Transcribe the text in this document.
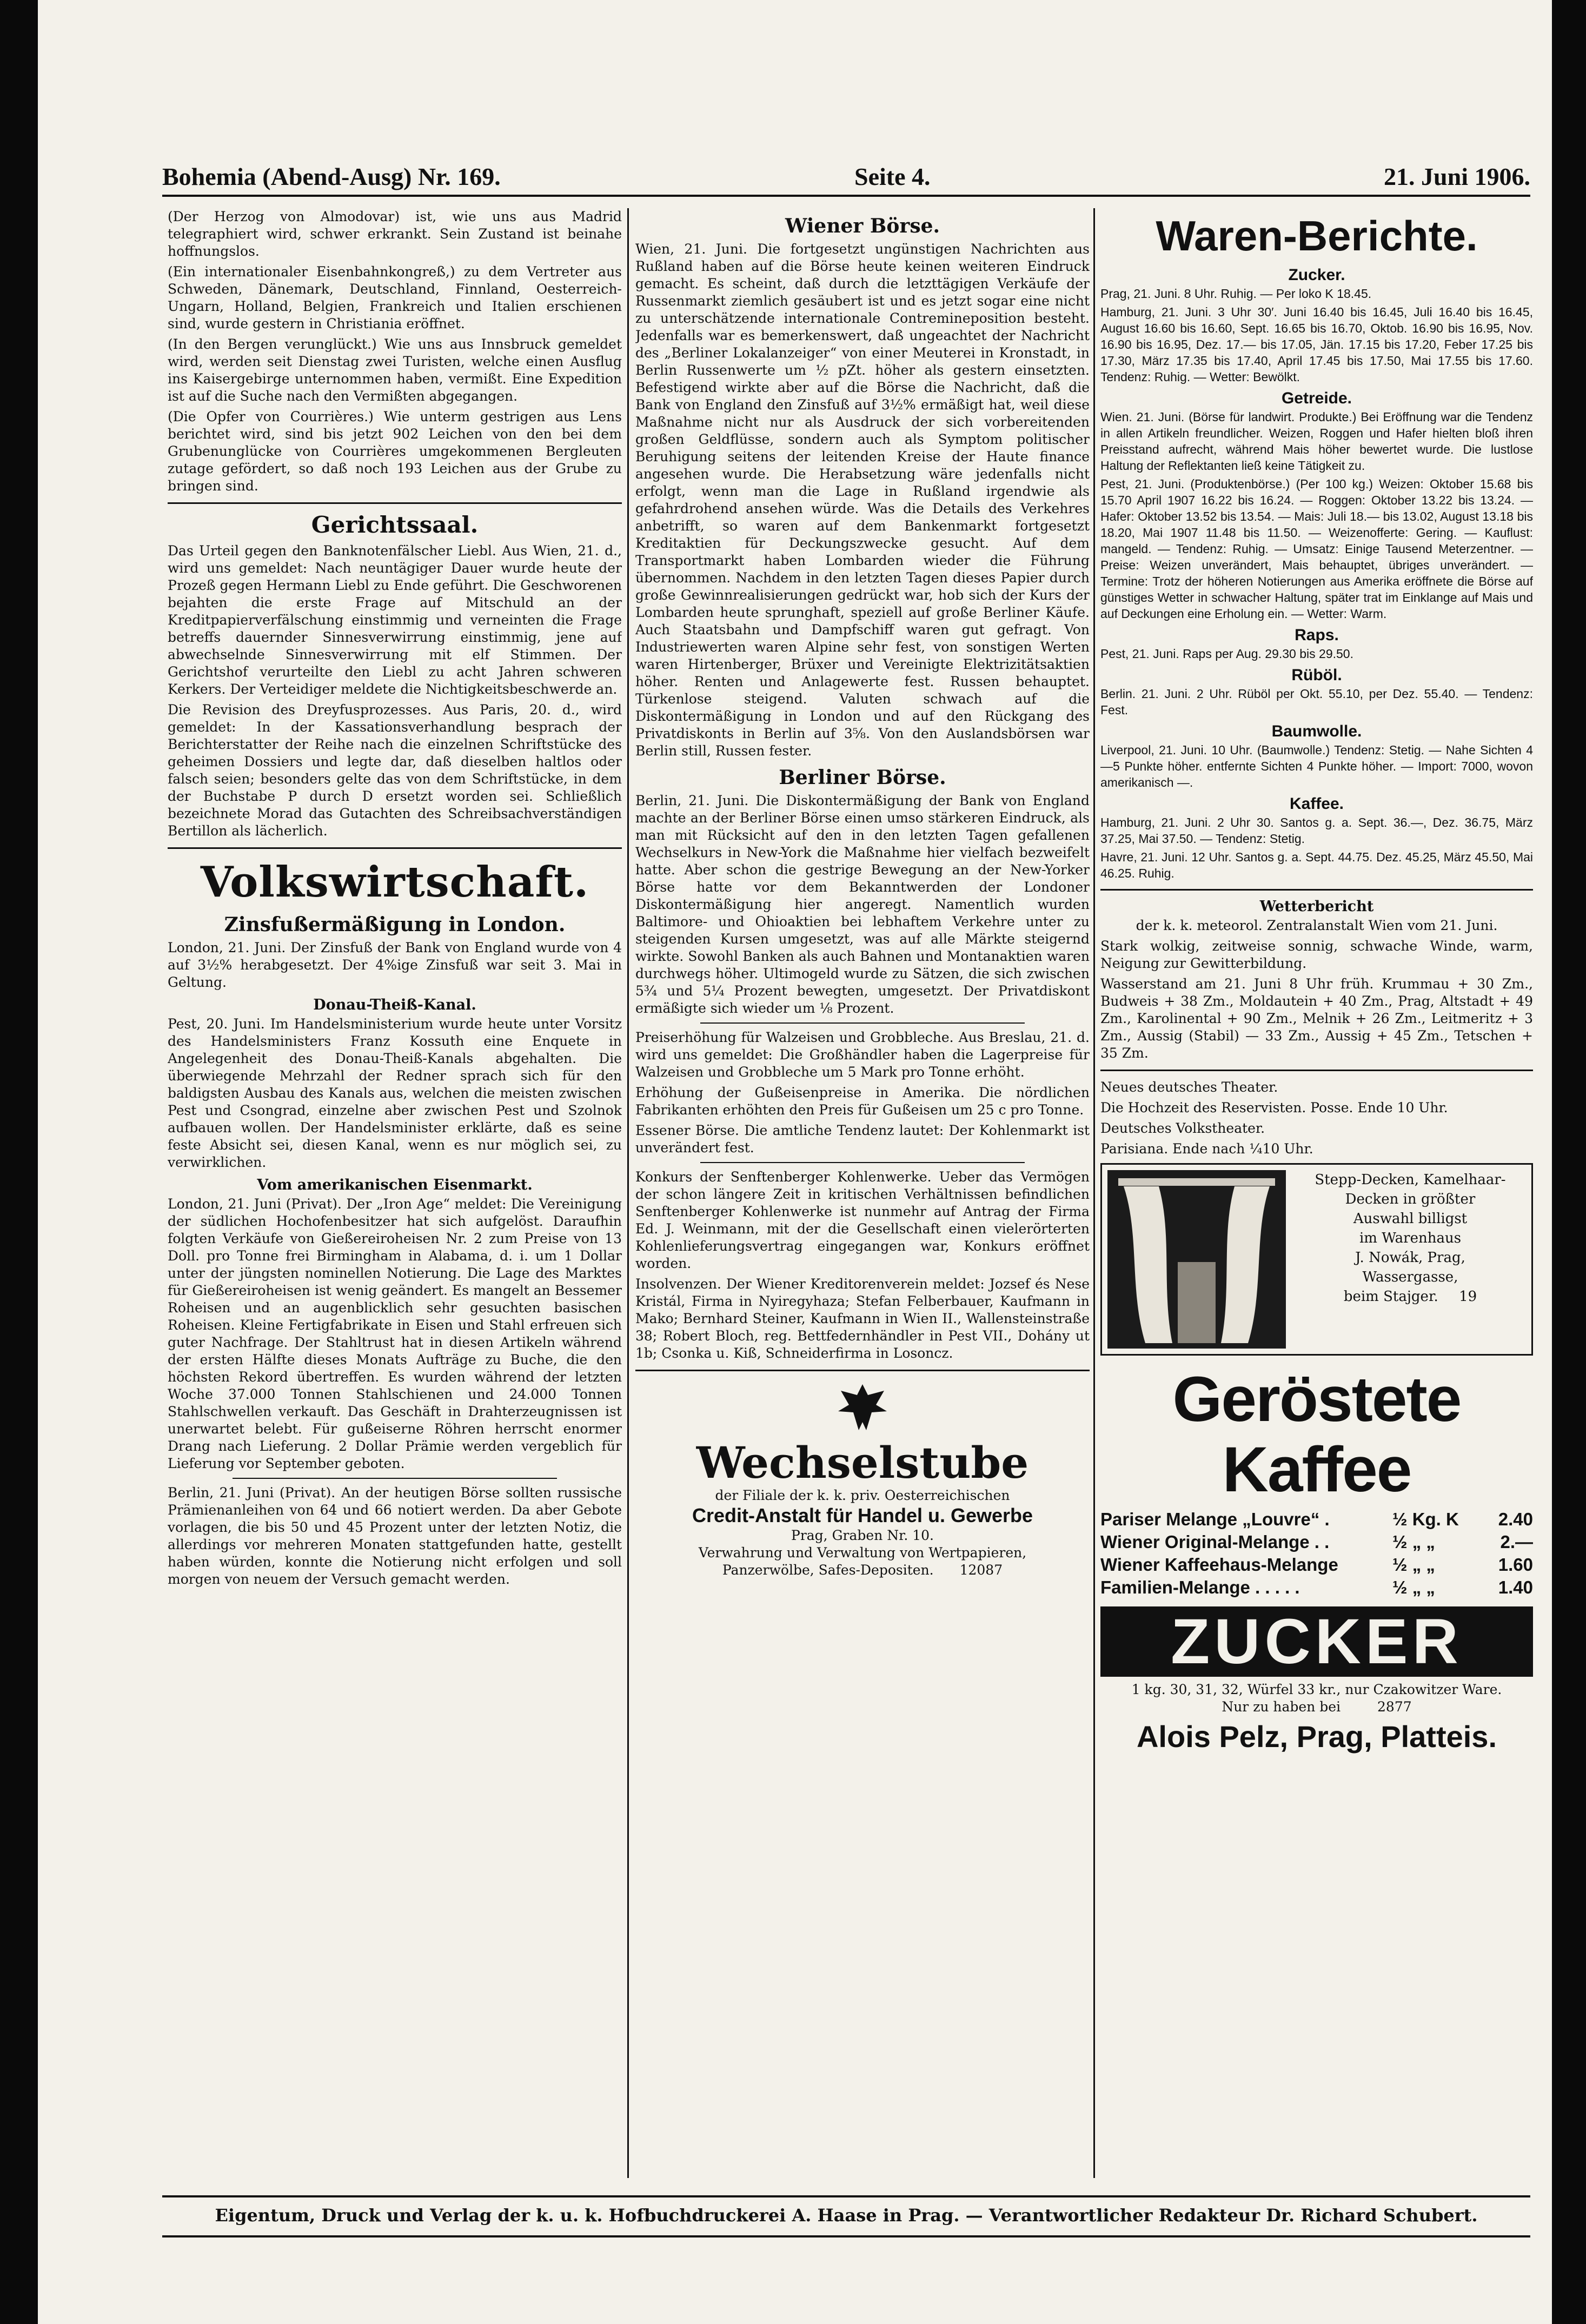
Bohemia (Abend-Ausg) Nr. 169.	Seite 4.	21. Juni 1906.

(Der Herzog von Almodovar) ist, wie uns aus Madrid telegraphiert wird, schwer erkrankt. Sein Zustand ist beinahe hoffnungslos.

(Ein internationaler Eisenbahnkongreß,) zu dem Vertreter aus Schweden, Dänemark, Deutschland, Finnland, Oesterreich-Ungarn, Holland, Belgien, Frankreich und Italien erschienen sind, wurde gestern in Christiania eröffnet.

(In den Bergen verunglückt.) Wie uns aus Innsbruck gemeldet wird, werden seit Dienstag zwei Turisten, welche einen Ausflug ins Kaisergebirge unternommen haben, vermißt. Eine Expedition ist auf die Suche nach den Vermißten abgegangen.

(Die Opfer von Courrières.) Wie unterm gestrigen aus Lens berichtet wird, sind bis jetzt 902 Leichen von den bei dem Grubenunglücke von Courrières umgekommenen Bergleuten zutage gefördert, so daß noch 193 Leichen aus der Grube zu bringen sind.

Gerichtssaal.

Das Urteil gegen den Banknotenfälscher Liebl. Aus Wien, 21. d., wird uns gemeldet: Nach neuntägiger Dauer wurde heute der Prozeß gegen Hermann Liebl zu Ende geführt. Die Geschworenen bejahten die erste Frage auf Mitschuld an der Kreditpapierverfälschung einstimmig und verneinten die Frage betreffs dauernder Sinnesverwirrung einstimmig, jene auf abwechselnde Sinnesverwirrung mit elf Stimmen. Der Gerichtshof verurteilte den Liebl zu acht Jahren schweren Kerkers. Der Verteidiger meldete die Nichtigkeitsbeschwerde an.

Die Revision des Dreyfusprozesses. Aus Paris, 20. d., wird gemeldet: In der Kassationsverhandlung besprach der Berichterstatter der Reihe nach die einzelnen Schriftstücke des geheimen Dossiers und legte dar, daß dieselben haltlos oder falsch seien; besonders gelte das von dem Schriftstücke, in dem der Buchstabe P durch D ersetzt worden sei. Schließlich bezeichnete Morad das Gutachten des Schreibsachverständigen Bertillon als lächerlich.

Volkswirtschaft.
Zinsfußermäßigung in London.

London, 21. Juni. Der Zinsfuß der Bank von England wurde von 4 auf 3½% herabgesetzt. Der 4%ige Zinsfuß war seit 3. Mai in Geltung.

Donau-Theiß-Kanal.

Pest, 20. Juni. Im Handelsministerium wurde heute unter Vorsitz des Handelsministers Franz Kossuth eine Enquete in Angelegenheit des Donau-Theiß-Kanals abgehalten. Die überwiegende Mehrzahl der Redner sprach sich für den baldigsten Ausbau des Kanals aus, welchen die meisten zwischen Pest und Csongrad, einzelne aber zwischen Pest und Szolnok aufbauen wollen. Der Handelsminister erklärte, daß es seine feste Absicht sei, diesen Kanal, wenn es nur möglich sei, zu verwirklichen.

Vom amerikanischen Eisenmarkt.

London, 21. Juni (Privat). Der „Iron Age“ meldet: Die Vereinigung der südlichen Hochofenbesitzer hat sich aufgelöst. Daraufhin folgten Verkäufe von Gießereiroheisen Nr. 2 zum Preise von 13 Doll. pro Tonne frei Birmingham in Alabama, d. i. um 1 Dollar unter der jüngsten nominellen Notierung. Die Lage des Marktes für Gießereiroheisen ist wenig geändert. Es mangelt an Bessemer Roheisen und an augenblicklich sehr gesuchten basischen Roheisen. Kleine Fertigfabrikate in Eisen und Stahl erfreuen sich guter Nachfrage. Der Stahltrust hat in diesen Artikeln während der ersten Hälfte dieses Monats Aufträge zu Buche, die den höchsten Rekord übertreffen. Es wurden während der letzten Woche 37.000 Tonnen Stahlschienen und 24.000 Tonnen Stahlschwellen verkauft. Das Geschäft in Drahterzeugnissen ist unerwartet belebt. Für gußeiserne Röhren herrscht enormer Drang nach Lieferung. 2 Dollar Prämie werden vergeblich für Lieferung vor September geboten.

Berlin, 21. Juni (Privat). An der heutigen Börse sollten russische Prämienanleihen von 64 und 66 notiert werden. Da aber Gebote vorlagen, die bis 50 und 45 Prozent unter der letzten Notiz, die allerdings vor mehreren Monaten stattgefunden hatte, gestellt haben würden, konnte die Notierung nicht erfolgen und soll morgen von neuem der Versuch gemacht werden.

Wiener Börse.

Wien, 21. Juni. Die fortgesetzt ungünstigen Nachrichten aus Rußland haben auf die Börse heute keinen weiteren Eindruck gemacht. Es scheint, daß durch die letzttägigen Verkäufe der Russenmarkt ziemlich gesäubert ist und es jetzt sogar eine nicht zu unterschätzende internationale Contremineposition besteht. Jedenfalls war es bemerkenswert, daß ungeachtet der Nachricht des „Berliner Lokalanzeiger“ von einer Meuterei in Kronstadt, in Berlin Russenwerte um ½ pZt. höher als gestern einsetzten. Befestigend wirkte aber auf die Börse die Nachricht, daß die Bank von England den Zinsfuß auf 3½% ermäßigt hat, weil diese Maßnahme nicht nur als Ausdruck der sich vorbereitenden großen Geldflüsse, sondern auch als Symptom politischer Beruhigung seitens der leitenden Kreise der Haute finance angesehen wurde. Die Herabsetzung wäre jedenfalls nicht erfolgt, wenn man die Lage in Rußland irgendwie als gefahrdrohend ansehen würde. Was die Details des Verkehres anbetrifft, so waren auf dem Bankenmarkt fortgesetzt Kreditaktien für Deckungszwecke gesucht. Auf dem Transportmarkt haben Lombarden wieder die Führung übernommen. Nachdem in den letzten Tagen dieses Papier durch große Gewinnrealisierungen gedrückt war, hob sich der Kurs der Lombarden heute sprunghaft, speziell auf große Berliner Käufe. Auch Staatsbahn und Dampfschiff waren gut gefragt. Von Industriewerten waren Alpine sehr fest, von sonstigen Werten waren Hirtenberger, Brüxer und Vereinigte Elektrizitätsaktien höher. Renten und Anlagewerte fest. Russen behauptet. Türkenlose steigend. Valuten schwach auf die Diskontermäßigung in London und auf den Rückgang des Privatdiskonts in Berlin auf 3⅝. Von den Auslandsbörsen war Berlin still, Russen fester.

Berliner Börse.

Berlin, 21. Juni. Die Diskontermäßigung der Bank von England machte an der Berliner Börse einen umso stärkeren Eindruck, als man mit Rücksicht auf den in den letzten Tagen gefallenen Wechselkurs in New-York die Maßnahme hier vielfach bezweifelt hatte. Aber schon die gestrige Bewegung an der New-Yorker Börse hatte vor dem Bekanntwerden der Londoner Diskontermäßigung hier angeregt. Namentlich wurden Baltimore- und Ohioaktien bei lebhaftem Verkehre unter zu steigenden Kursen umgesetzt, was auf alle Märkte steigernd wirkte. Sowohl Banken als auch Bahnen und Montanaktien waren durchwegs höher. Ultimogeld wurde zu Sätzen, die sich zwischen 5¾ und 5¼ Prozent bewegten, umgesetzt. Der Privatdiskont ermäßigte sich wieder um ⅛ Prozent.

Preiserhöhung für Walzeisen und Grobbleche. Aus Breslau, 21. d. wird uns gemeldet: Die Großhändler haben die Lagerpreise für Walzeisen und Grobbleche um 5 Mark pro Tonne erhöht.

Erhöhung der Gußeisenpreise in Amerika. Die nördlichen Fabrikanten erhöhten den Preis für Gußeisen um 25 c pro Tonne.

Essener Börse. Die amtliche Tendenz lautet: Der Kohlenmarkt ist unverändert fest.

Konkurs der Senftenberger Kohlenwerke. Ueber das Vermögen der schon längere Zeit in kritischen Verhältnissen befindlichen Senftenberger Kohlenwerke ist nunmehr auf Antrag der Firma Ed. J. Weinmann, mit der die Gesellschaft einen vielerörterten Kohlenlieferungsvertrag eingegangen war, Konkurs eröffnet worden.

Insolvenzen. Der Wiener Kreditorenverein meldet: Jozsef és Nese Kristál, Firma in Nyiregyhaza; Stefan Felberbauer, Kaufmann in Mako; Bernhard Steiner, Kaufmann in Wien II., Wallensteinstraße 38; Robert Bloch, reg. Bettfedernhändler in Pest VII., Dohány ut 1b; Csonka u. Kiß, Schneiderfirma in Losoncz.

Wechselstube
der Filiale der k. k. priv. Oesterreichischen
Credit-Anstalt für Handel u. Gewerbe
Prag, Graben Nr. 10.
Verwahrung und Verwaltung von Wertpapieren,
Panzerwölbe, Safes-Depositen. 12087
Waren-Berichte.
Zucker.

Prag, 21. Juni. 8 Uhr. Ruhig. — Per loko K 18.45.

Hamburg, 21. Juni. 3 Uhr 30′. Juni 16.40 bis 16.45, Juli 16.40 bis 16.45, August 16.60 bis 16.60, Sept. 16.65 bis 16.70, Oktob. 16.90 bis 16.95, Nov. 16.90 bis 16.95, Dez. 17.— bis 17.05, Jän. 17.15 bis 17.20, Feber 17.25 bis 17.30, März 17.35 bis 17.40, April 17.45 bis 17.50, Mai 17.55 bis 17.60. Tendenz: Ruhig. — Wetter: Bewölkt.

Getreide.

Wien. 21. Juni. (Börse für landwirt. Produkte.) Bei Eröffnung war die Tendenz in allen Artikeln freundlicher. Weizen, Roggen und Hafer hielten bloß ihren Preisstand aufrecht, während Mais höher bewertet wurde. Die lustlose Haltung der Reflektanten ließ keine Tätigkeit zu.

Pest, 21. Juni. (Produktenbörse.) (Per 100 kg.) Weizen: Oktober 15.68 bis 15.70 April 1907 16.22 bis 16.24. — Roggen: Oktober 13.22 bis 13.24. — Hafer: Oktober 13.52 bis 13.54. — Mais: Juli 18.— bis 13.02, August 13.18 bis 18.20, Mai 1907 11.48 bis 11.50. — Weizenofferte: Gering. — Kauflust: mangeld. — Tendenz: Ruhig. — Umsatz: Einige Tausend Meterzentner. — Preise: Weizen unverändert, Mais behauptet, übriges unverändert. — Termine: Trotz der höheren Notierungen aus Amerika eröffnete die Börse auf günstiges Wetter in schwacher Haltung, später trat im Einklange auf Mais und auf Deckungen eine Erholung ein. — Wetter: Warm.

Raps.

Pest, 21. Juni. Raps per Aug. 29.30 bis 29.50.

Rüböl.

Berlin. 21. Juni. 2 Uhr. Rüböl per Okt. 55.10, per Dez. 55.40. — Tendenz: Fest.

Baumwolle.

Liverpool, 21. Juni. 10 Uhr. (Baumwolle.) Tendenz: Stetig. — Nahe Sichten 4—5 Punkte höher. entfernte Sichten 4 Punkte höher. — Import: 7000, wovon amerikanisch —.

Kaffee.

Hamburg, 21. Juni. 2 Uhr 30. Santos g. a. Sept. 36.—, Dez. 36.75, März 37.25, Mai 37.50. — Tendenz: Stetig.

Havre, 21. Juni. 12 Uhr. Santos g. a. Sept. 44.75. Dez. 45.25, März 45.50, Mai 46.25. Ruhig.

Wetterbericht

der k. k. meteorol. Zentralanstalt Wien vom 21. Juni.

Stark wolkig, zeitweise sonnig, schwache Winde, warm, Neigung zur Gewitterbildung.

Wasserstand am 21. Juni 8 Uhr früh. Krummau + 30 Zm., Budweis + 38 Zm., Moldautein + 40 Zm., Prag, Altstadt + 49 Zm., Karolinental + 90 Zm., Melnik + 26 Zm., Leitmeritz + 3 Zm., Aussig (Stabil) — 33 Zm., Aussig + 45 Zm., Tetschen + 35 Zm.

Neues deutsches Theater.

Die Hochzeit des Reservisten. Posse. Ende 10 Uhr.

Deutsches Volkstheater.

Parisiana. Ende nach ¼10 Uhr.

Stepp-Decken, Kamelhaar-Decken in größter
Auswahl billigst
im Warenhaus
J. Nowák, Prag,
Wassergasse,
beim Stajger. 19
Geröstete Kaffee
Pariser Melange „Louvre“ .	½ Kg. K	2.40
Wiener Original-Melange . .	½ „ „	2.—
Wiener Kaffeehaus-Melange	½ „ „	1.60
Familien-Melange . . . . .	½ „ „	1.40
ZUCKER
1 kg. 30, 31, 32, Würfel 33 kr., nur Czakowitzer Ware.
Nur zu haben bei	2877
Alois Pelz, Prag, Platteis.
Eigentum, Druck und Verlag der k. u. k. Hofbuchdruckerei A. Haase in Prag. — Verantwortlicher Redakteur Dr. Richard Schubert.
